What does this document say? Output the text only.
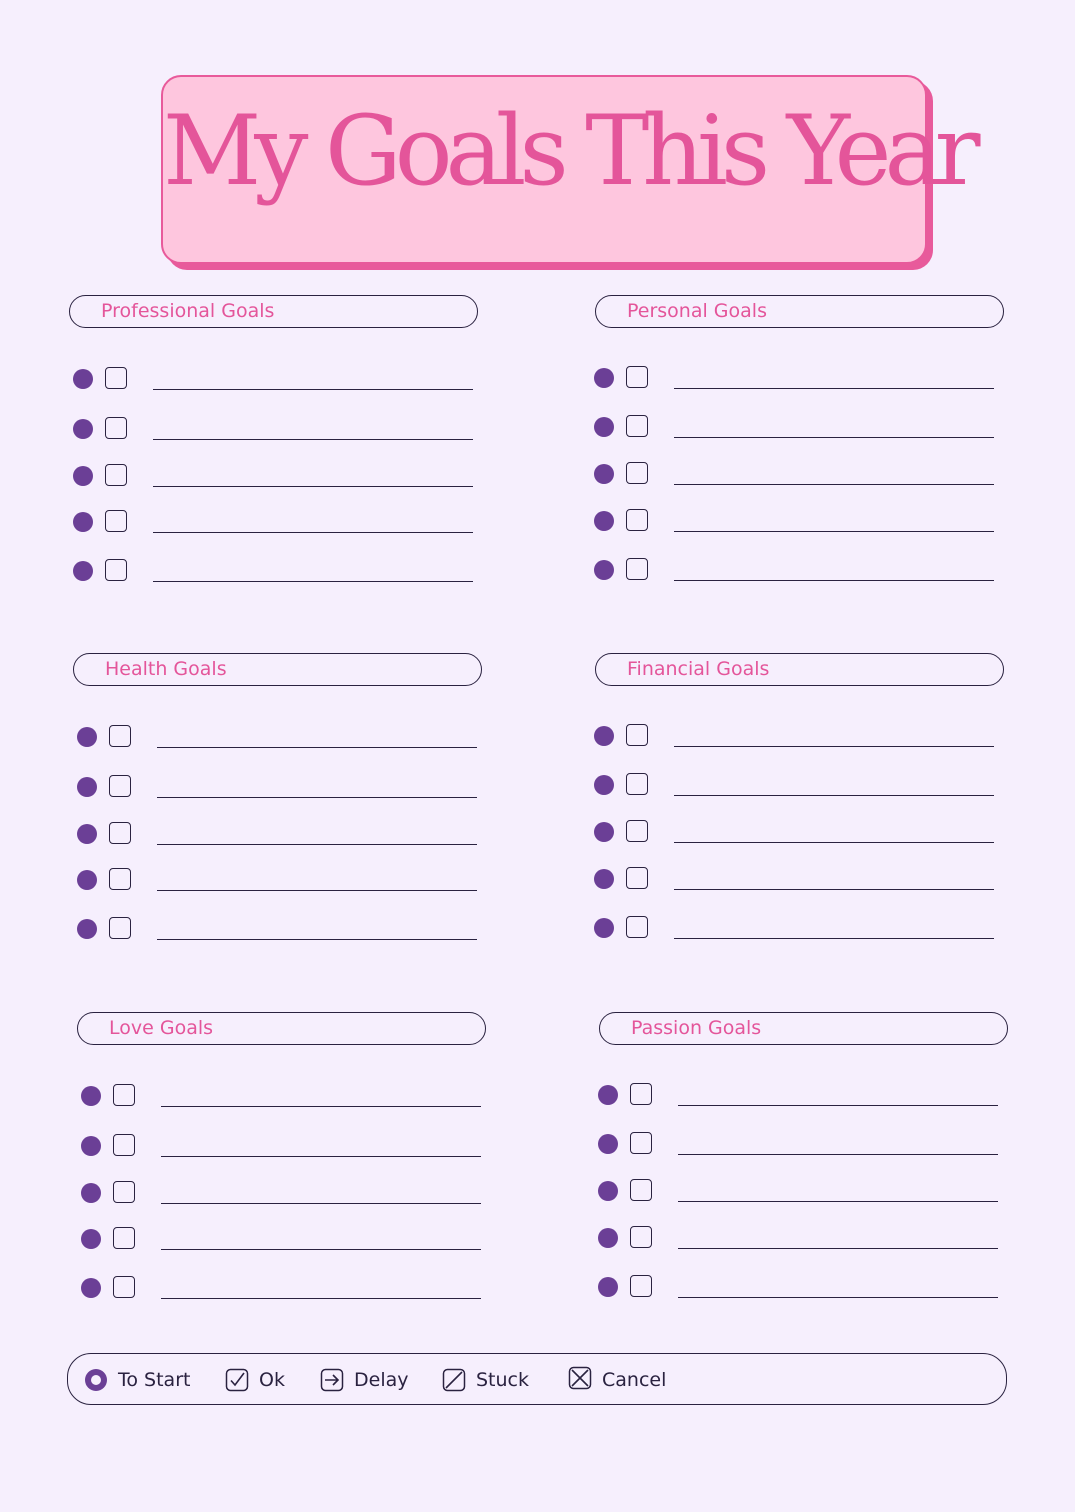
My Goals This Year
Professional Goals	Personal Goals
Health Goals	Financial Goals
Love Goals	Passion Goals
To Start	Ok	Delay	Stuck	Cancel
